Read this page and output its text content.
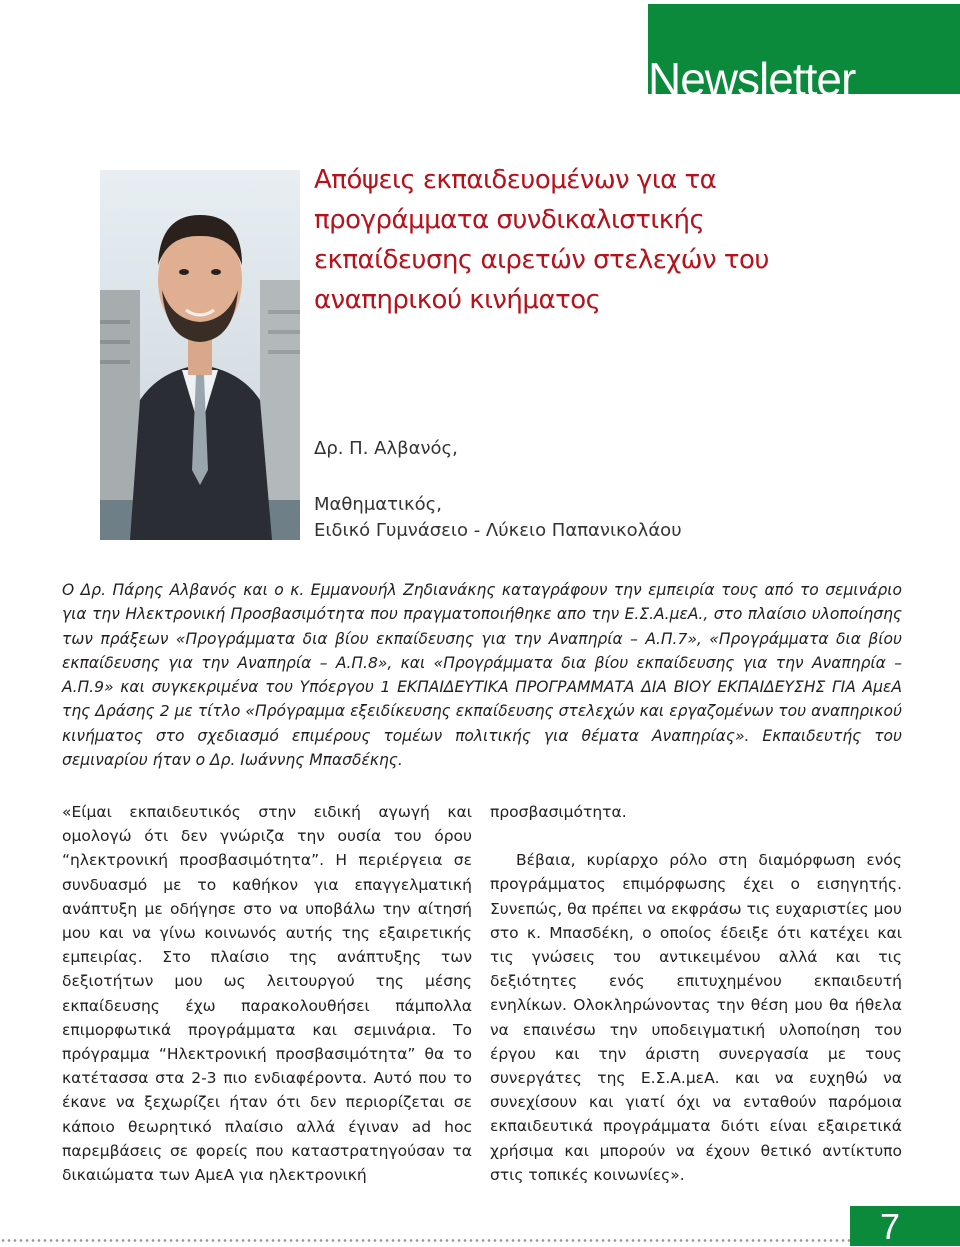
Newsletter
Απόψεις εκπαιδευομένων για τα προγράμματα συνδικαλιστικής εκπαίδευσης αιρετών στελεχών του αναπηρικού κινήματος
Δρ. Π. Αλβανός,
Μαθηματικός,
Ειδικό Γυμνάσειο - Λύκειο Παπανικολάου

Ο Δρ. Πάρης Αλβανός και ο κ. Εμμανουήλ Ζηδιανάκης καταγράφουν την εμπειρία τους από το σεμινάριο για την Ηλεκτρονική Προσβασιμότητα που πραγματοποιήθηκε απο την Ε.Σ.Α.μεΑ., στο πλαίσιο υλοποίησης των πράξεων «Προγράμματα δια βίου εκπαίδευσης για την Αναπηρία – Α.Π.7», «Προγράμματα δια βίου εκπαίδευσης για την Αναπηρία – Α.Π.8», και «Προγράμματα δια βίου εκπαίδευσης για την Αναπηρία – Α.Π.9» και συγκεκριμένα του Υπόεργου 1 ΕΚΠΑΙΔΕΥΤΙΚΑ ΠΡΟΓΡΑΜΜΑΤΑ ΔΙΑ ΒΙΟΥ ΕΚΠΑΙΔΕΥΣΗΣ ΓΙΑ ΑμεΑ της Δράσης 2 με τίτλο «Πρόγραμμα εξειδίκευσης εκπαίδευσης στελεχών και εργαζομένων του αναπηρικού κινήματος στο σχεδιασμό επιμέρους τομέων πολιτικής για θέματα Αναπηρίας». Εκπαιδευτής του σεμιναρίου ήταν ο Δρ. Ιωάννης Μπασδέκης.

«Είμαι εκπαιδευτικός στην ειδική αγωγή και ομολογώ ότι δεν γνώριζα την ουσία του όρου “ηλεκτρονική προσβασιμότητα”. Η περιέργεια σε συνδυασμό με το καθήκον για επαγγελματική ανάπτυξη με οδήγησε στο να υποβάλω την αίτησή μου και να γίνω κοινωνός αυτής της εξαιρετικής εμπειρίας. Στο πλαίσιο της ανάπτυξης των δεξιοτήτων μου ως λειτουργού της μέσης εκπαίδευσης έχω παρακολουθήσει πάμπολλα επιμορφωτικά προγράμματα και σεμινάρια. Το πρόγραμμα “Ηλεκτρονική προσβασιμότητα” θα το κατέτασσα στα 2-3 πιο ενδιαφέροντα. Αυτό που το έκανε να ξεχωρίζει ήταν ότι δεν περιορίζεται σε κάποιο θεωρητικό πλαίσιο αλλά έγιναν ad hoc παρεμβάσεις σε φορείς που καταστρατηγούσαν τα δικαιώματα των ΑμεΑ για ηλεκτρονική

προσβασιμότητα.

Βέβαια, κυρίαρχο ρόλο στη διαμόρφωση ενός προγράμματος επιμόρφωσης έχει ο εισηγητής. Συνεπώς, θα πρέπει να εκφράσω τις ευχαριστίες μου στο κ. Μπασδέκη, ο οποίος έδειξε ότι κατέχει και τις γνώσεις του αντικειμένου αλλά και τις δεξιότητες ενός επιτυχημένου εκπαιδευτή ενηλίκων. Ολοκληρώνοντας την θέση μου θα ήθελα να επαινέσω την υποδειγματική υλοποίηση του έργου και την άριστη συνεργασία με τους συνεργάτες της Ε.Σ.Α.μεΑ. και να ευχηθώ να συνεχίσουν και γιατί όχι να ενταθούν παρόμοια εκπαιδευτικά προγράμματα διότι είναι εξαιρετικά χρήσιμα και μπορούν να έχουν θετικό αντίκτυπο στις τοπικές κοινωνίες».

7
